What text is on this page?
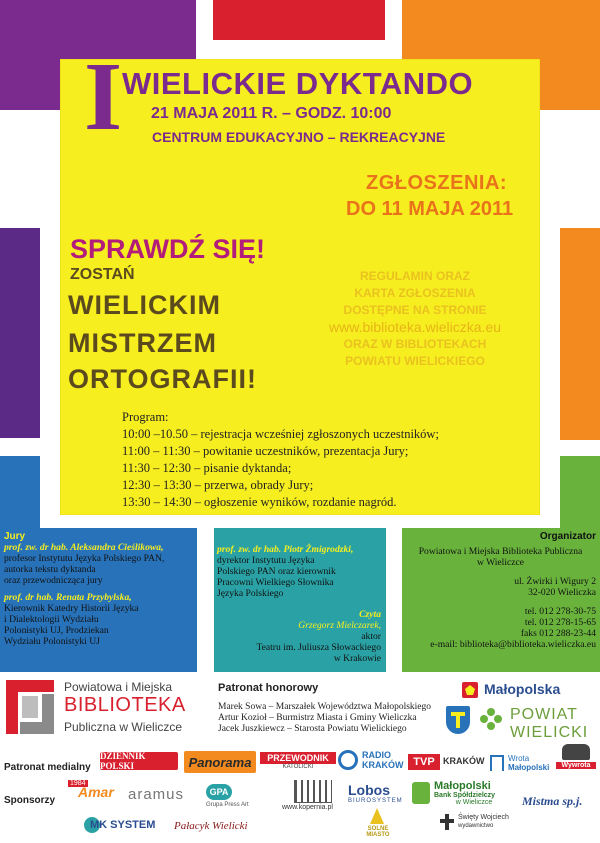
I WIELICKIE DYKTANDO
21 MAJA 2011 R. – GODZ. 10:00
CENTRUM EDUKACYJNO – REKREACYJNE
ZGŁOSZENIA:
DO 11 MAJA 2011
SPRAWDŹ SIĘ!
ZOSTAŃ
WIELICKIM
MISTRZEM
ORTOGRAFII!
REGULAMIN ORAZ
KARTA ZGŁOSZENIA
DOSTĘPNE NA STRONIE
www.biblioteka.wieliczka.eu
ORAZ W BIBLIOTEKACH
POWIATU WIELICKIEGO
Program:
10:00 –10.50 – rejestracja wcześniej zgłoszonych uczestników;
11:00 – 11:30 – powitanie uczestników, prezentacja Jury;
11:30 – 12:30 – pisanie dyktanda;
12:30 – 13:30 – przerwa, obrady Jury;
13:30 – 14:30 – ogłoszenie wyników, rozdanie nagród.
Jury
prof. zw. dr hab. Aleksandra Cieślikowa,
profesor Instytutu Języka Polskiego PAN,
autorka tekstu dyktanda
oraz przewodnicząca jury
prof. dr hab. Renata Przybylska,
Kierownik Katedry Historii Języka
i Dialektologii Wydziału
Polonistyki UJ, Prodziekan
Wydziału Polonistyki UJ
prof. zw. dr hab. Piotr Żmigrodzki,
dyrektor Instytutu Języka
Polskiego PAN oraz kierownik
Pracowni Wielkiego Słownika
Języka Polskiego
Czyta
Grzegorz Mielczarek,
aktor
Teatru im. Juliusza Słowackiego
w Krakowie
Organizator
Powiatowa i Miejska Biblioteka Publiczna
w Wieliczce
ul. Żwirki i Wigury 2
32-020 Wieliczka
tel. 012 278-30-75
tel. 012 278-15-65
faks 012 288-23-44
e-mail: biblioteka@biblioteka.wieliczka.eu
Powiatowa i Miejska
BIBLIOTEKA
Publiczna w Wieliczce
Patronat honorowy
Marek Sowa – Marszałek Województwa Małopolskiego
Artur Kozioł – Burmistrz Miasta i Gminy Wieliczka
Jacek Juszkiewcz – Starosta Powiatu Wielickiego
Małopolska
POWIAT
WIELICKI
Patronat medialny
DZIENNIK POLSKI	Panorama	PRZEWODNIK
KATOLICKI
RADIO
KRAKÓW TVP KRAKÓW	Wrota
Małopolski	Wywrota
Sponsorzy
1984
Amar aramus	GPA
Grupa Press Art	www.kopernia.pl
Lobos
BIUROSYSTEM
Małopolski
Bank Spółdzielczy
w Wieliczce	Mistma sp.j.
MK SYSTEM Pałacyk Wielicki	SOLNE MIASTO
Święty Wojciech
wydawnictwo
